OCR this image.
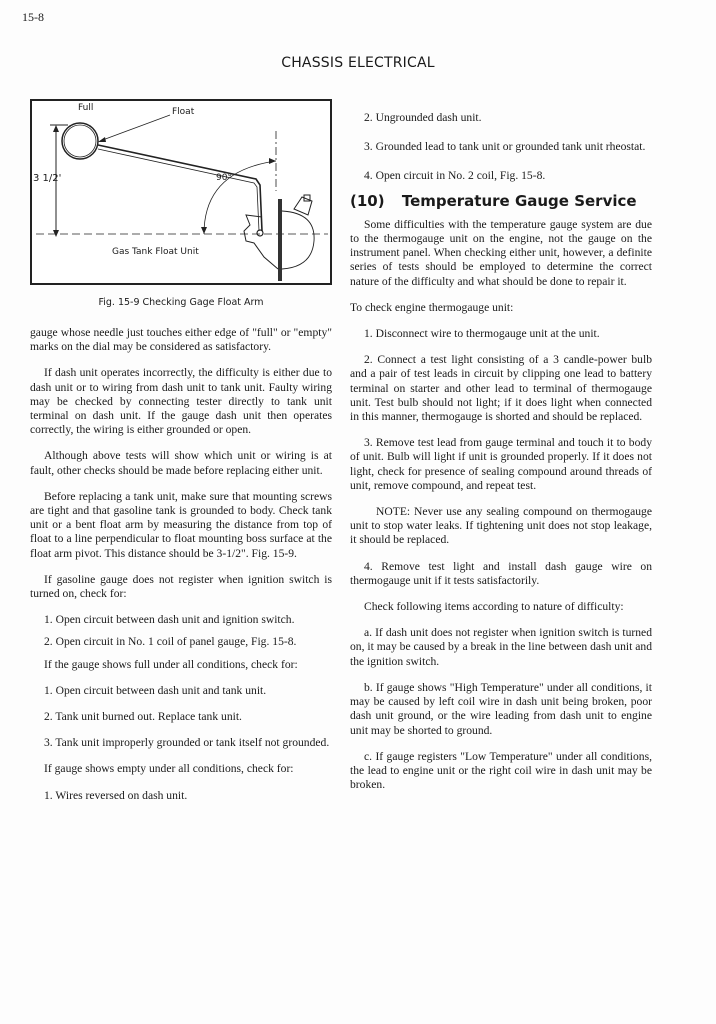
15-8
CHASSIS ELECTRICAL
Full	Float
3 1/2'	90°
Gas Tank Float Unit
Fig. 15-9 Checking Gage Float Arm

gauge whose needle just touches either edge of "full" or "empty" marks on the dial may be considered as satisfactory.

If dash unit operates incorrectly, the difficulty is either due to dash unit or to wiring from dash unit to tank unit. Faulty wiring may be checked by connecting tester directly to tank unit terminal on dash unit. If the gauge dash unit then operates correctly, the wiring is either grounded or open.

Although above tests will show which unit or wiring is at fault, other checks should be made before replacing either unit.

Before replacing a tank unit, make sure that mounting screws are tight and that gasoline tank is grounded to body. Check tank unit or a bent float arm by measuring the distance from top of float to a line perpendicular to float mounting boss surface at the float arm pivot. This distance should be 3-1/2". Fig. 15-9.

If gasoline gauge does not register when ignition switch is turned on, check for:

1. Open circuit between dash unit and ignition switch.

2. Open circuit in No. 1 coil of panel gauge, Fig. 15-8.

If the gauge shows full under all conditions, check for:

1. Open circuit between dash unit and tank unit.

2. Tank unit burned out. Replace tank unit.

3. Tank unit improperly grounded or tank itself not grounded.

If gauge shows empty under all conditions, check for:

1. Wires reversed on dash unit.

2. Ungrounded dash unit.

3. Grounded lead to tank unit or grounded tank unit rheostat.

4. Open circuit in No. 2 coil, Fig. 15-8.

(10) Temperature Gauge Service

Some difficulties with the temperature gauge system are due to the thermogauge unit on the engine, not the gauge on the instrument panel. When checking either unit, however, a definite series of tests should be employed to determine the correct nature of the difficulty and what should be done to repair it.

To check engine thermogauge unit:

1. Disconnect wire to thermogauge unit at the unit.

2. Connect a test light consisting of a 3 candle-power bulb and a pair of test leads in circuit by clipping one lead to battery terminal on starter and other lead to terminal of thermogauge unit. Test bulb should not light; if it does light when connected in this manner, thermogauge is shorted and should be replaced.

3. Remove test lead from gauge terminal and touch it to body of unit. Bulb will light if unit is grounded properly. If it does not light, check for presence of sealing compound around threads of unit, remove compound, and repeat test.

NOTE: Never use any sealing compound on thermogauge unit to stop water leaks. If tightening unit does not stop leakage, it should be replaced.

4. Remove test light and install dash gauge wire on thermogauge unit if it tests satisfactorily.

Check following items according to nature of difficulty:

a. If dash unit does not register when ignition switch is turned on, it may be caused by a break in the line between dash unit and the ignition switch.

b. If gauge shows "High Temperature" under all conditions, it may be caused by left coil wire in dash unit being broken, poor dash unit ground, or the wire leading from dash unit to engine unit may be shorted to ground.

c. If gauge registers "Low Temperature" under all conditions, the lead to engine unit or the right coil wire in dash unit may be broken.
